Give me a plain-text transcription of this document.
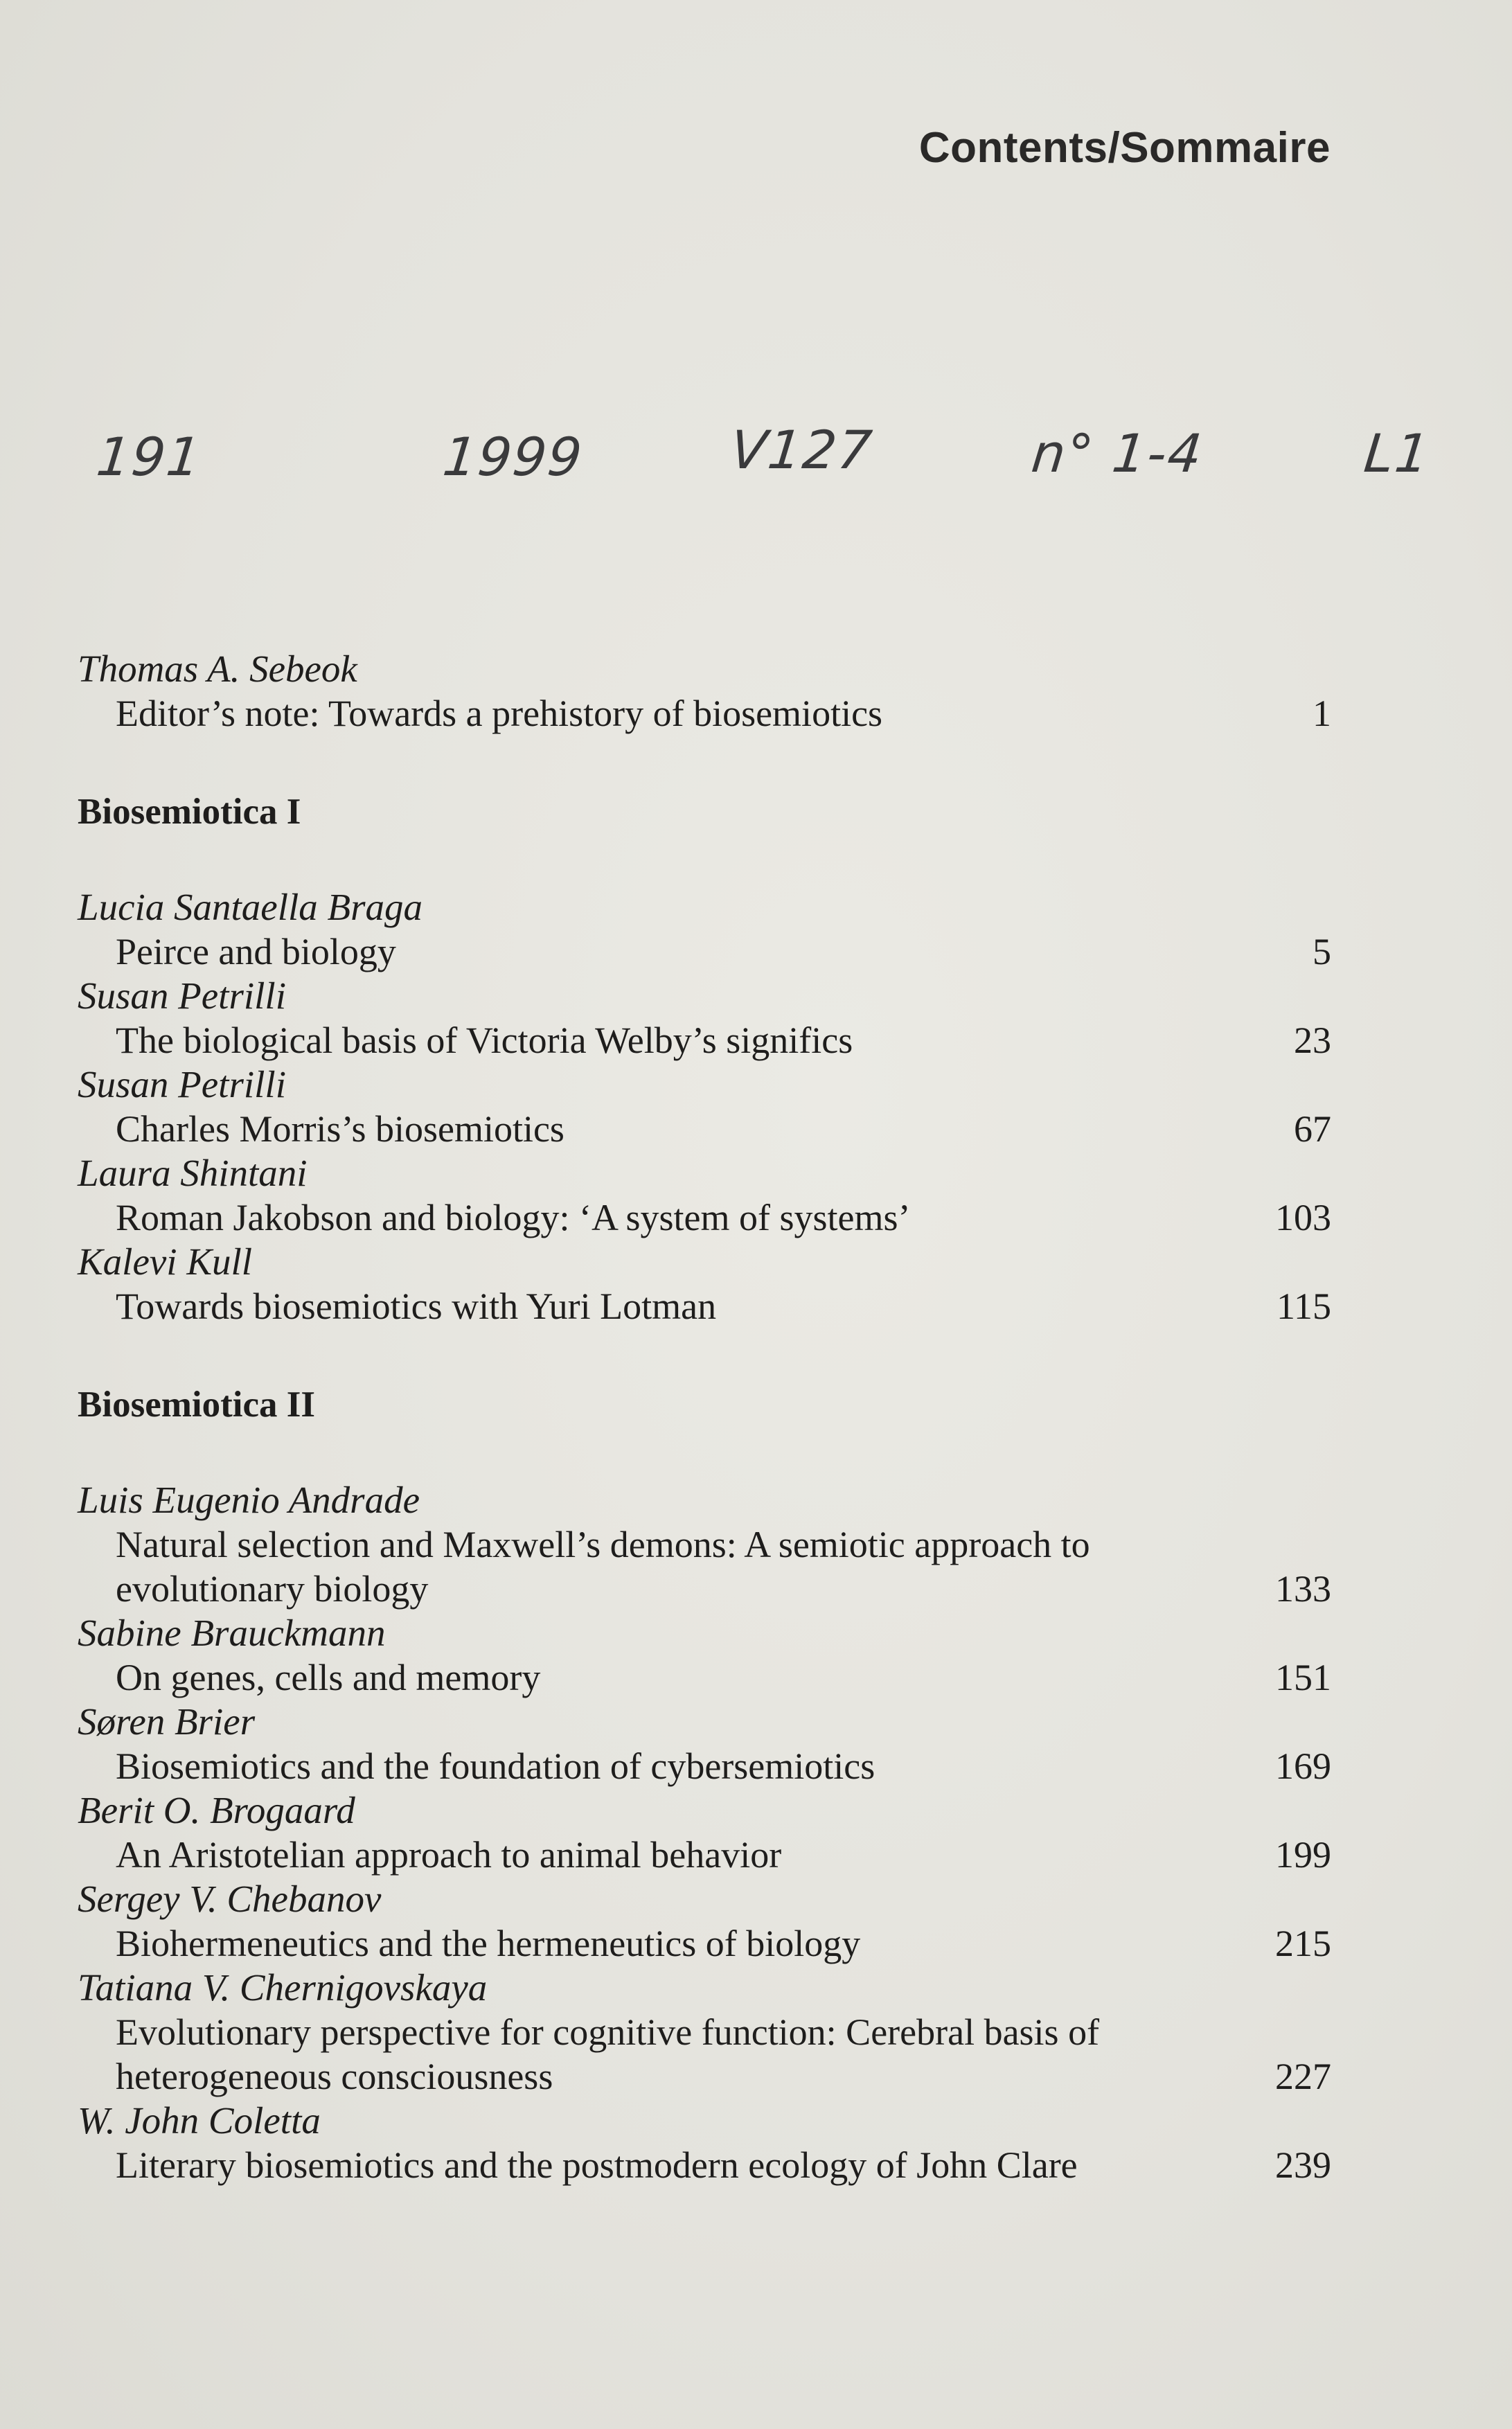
Contents/Sommaire
191	1999	V127	n° 1-4	L1
Thomas A. Sebeok
Editor’s note: Towards a prehistory of biosemiotics	1
Biosemiotica I
Lucia Santaella Braga
Peirce and biology	5
Susan Petrilli
The biological basis of Victoria Welby’s significs	23
Susan Petrilli
Charles Morris’s biosemiotics	67
Laura Shintani
Roman Jakobson and biology: ‘A system of systems’	103
Kalevi Kull
Towards biosemiotics with Yuri Lotman	115
Biosemiotica II
Luis Eugenio Andrade
Natural selection and Maxwell’s demons: A semiotic approach to evolutionary biology	133
Sabine Brauckmann
On genes, cells and memory	151
Søren Brier
Biosemiotics and the foundation of cybersemiotics	169
Berit O. Brogaard
An Aristotelian approach to animal behavior	199
Sergey V. Chebanov
Biohermeneutics and the hermeneutics of biology	215
Tatiana V. Chernigovskaya
Evolutionary perspective for cognitive function: Cerebral basis of heterogeneous consciousness	227
W. John Coletta
Literary biosemiotics and the postmodern ecology of John Clare	239
